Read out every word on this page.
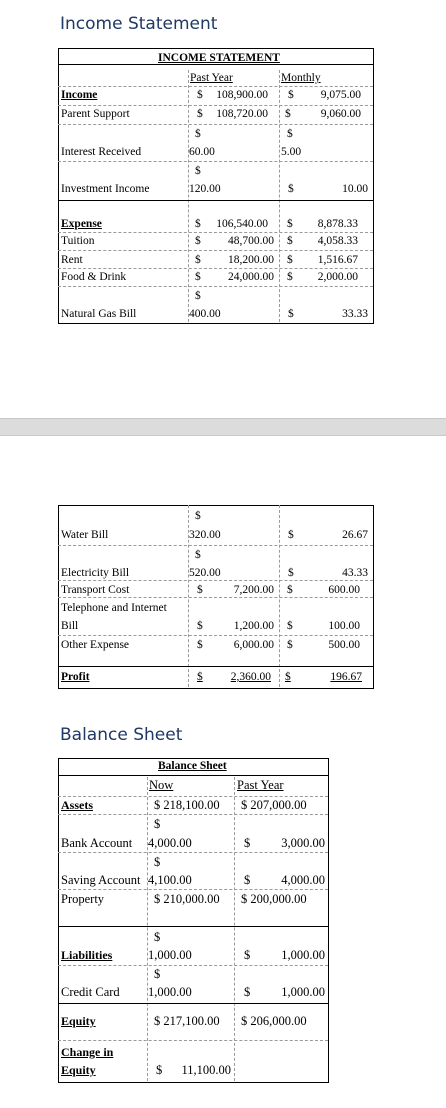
Income Statement
INCOME STATEMENT
Past Year	Monthly
Income	$	108,900.00 $	9,075.00
Parent Support	$	108,720.00 $	9,060.00
$	$
Interest Received	60.00	5.00
$
Investment Income	120.00	$	10.00
Expense	$	106,540.00 $	8,878.33
Tuition	$	48,700.00 $	4,058.33
Rent	$	18,200.00 $	1,516.67
Food & Drink	$	24,000.00 $	2,000.00
$
Natural Gas Bill	400.00	$	33.33
$
Water Bill	320.00	$	26.67
$
Electricity Bill	520.00	$	43.33
Transport Cost	$	7,200.00 $	600.00
Telephone and Internet
Bill	$	1,200.00 $	100.00
Other Expense	$	6,000.00 $	500.00
Profit	$	2,360.00 $	196.67
Balance Sheet
Balance Sheet
Now	Past Year
Assets	$ 218,100.00 $ 207,000.00
$
Bank Account 4,000.00	$	3,000.00
$
Saving Account 4,100.00	$	4,000.00
Property	$ 210,000.00 $ 200,000.00
$
Liabilities	1,000.00	$	1,000.00
$
Credit Card 1,000.00	$	1,000.00
Equity	$ 217,100.00 $ 206,000.00
Change in
Equity	$	11,100.00
